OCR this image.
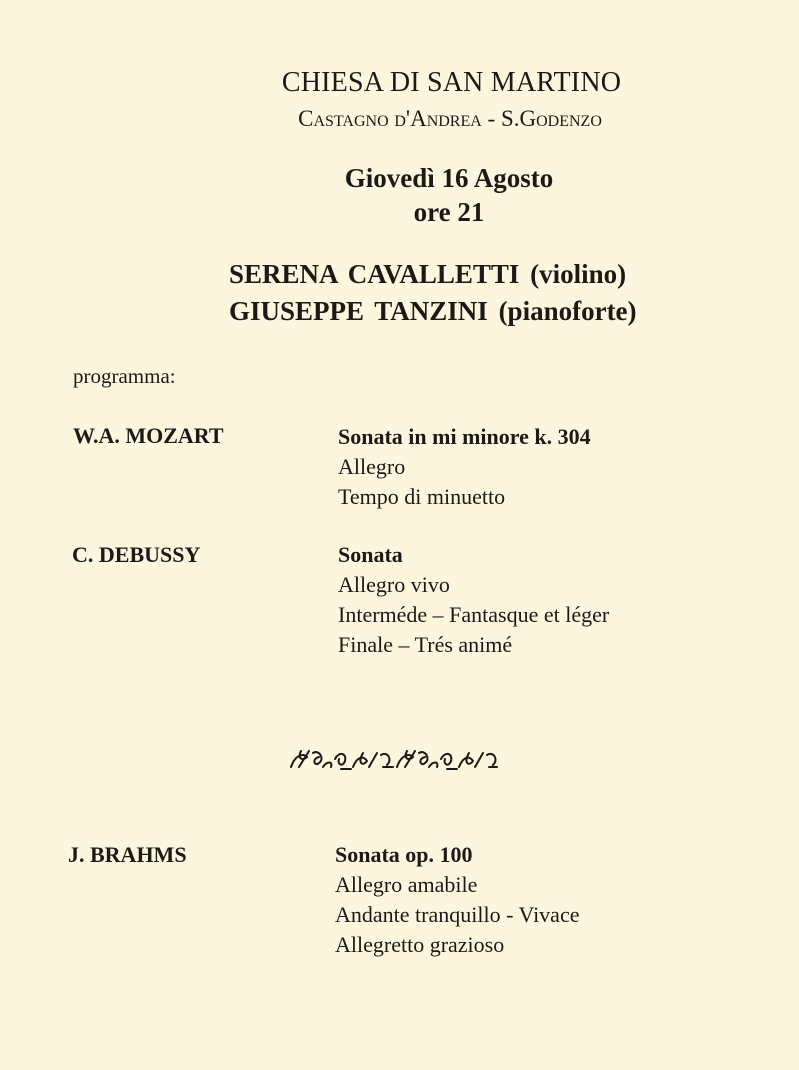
CHIESA DI SAN MARTINO
Castagno d'Andrea - S.Godenzo
Giovedì 16 Agosto
ore 21
SERENA CAVALLETTI (violino)
GIUSEPPE TANZINI (pianoforte)
programma:
W.A. MOZART	Sonata in mi minore k. 304
Allegro
Tempo di minuetto
C. DEBUSSY	Sonata
Allegro vivo
Interméde – Fantasque et léger
Finale – Trés animé
J. BRAHMS	Sonata op. 100
Allegro amabile
Andante tranquillo - Vivace
Allegretto grazioso
